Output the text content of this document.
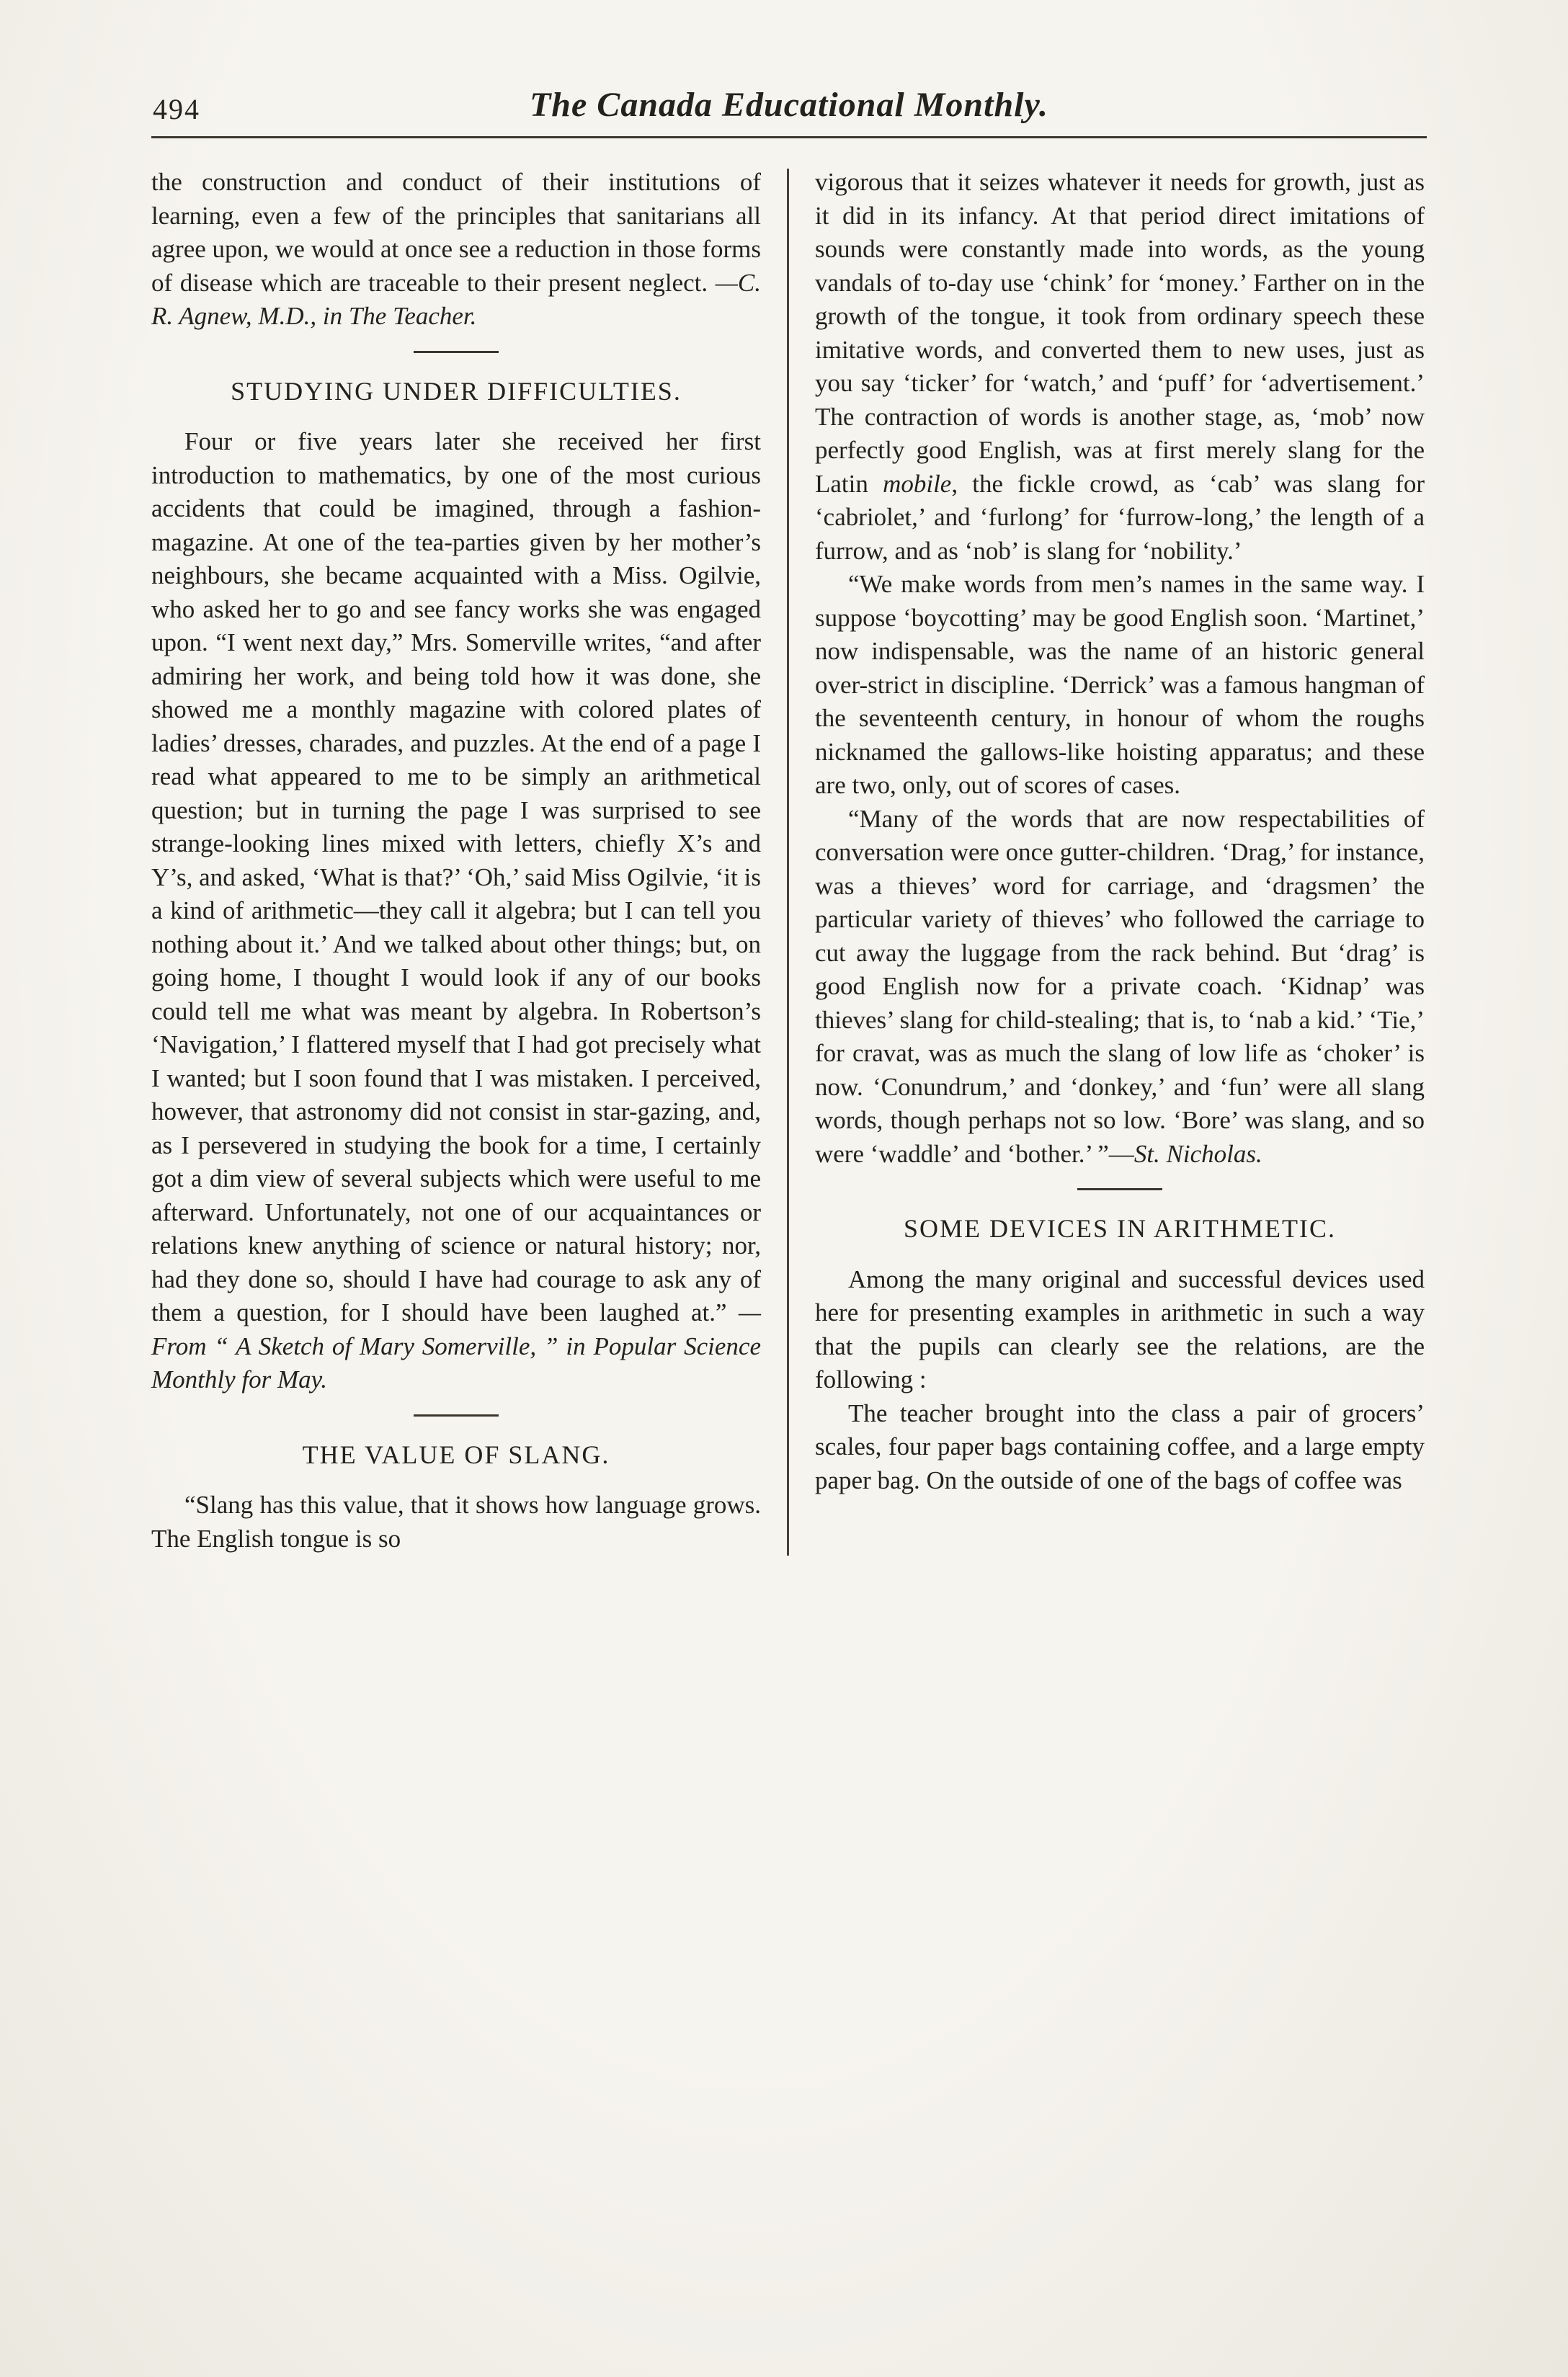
494	The Canada Educational Monthly.

the construction and conduct of their institutions of learning, even a few of the principles that sanitarians all agree upon, we would at once see a reduction in those forms of disease which are traceable to their present neglect. —C. R. Agnew, M.D., in The Teacher.

STUDYING UNDER DIFFICULTIES.

Four or five years later she received her first introduction to mathematics, by one of the most curious accidents that could be imagined, through a fashion-magazine. At one of the tea-parties given by her mother’s neighbours, she became acquainted with a Miss. Ogilvie, who asked her to go and see fancy works she was engaged upon. “I went next day,” Mrs. Somerville writes, “and after admiring her work, and being told how it was done, she showed me a monthly magazine with colored plates of ladies’ dresses, charades, and puzzles. At the end of a page I read what appeared to me to be simply an arithmetical question; but in turning the page I was surprised to see strange-looking lines mixed with letters, chiefly X’s and Y’s, and asked, ‘What is that?’ ‘Oh,’ said Miss Ogilvie, ‘it is a kind of arithmetic—they call it algebra; but I can tell you nothing about it.’ And we talked about other things; but, on going home, I thought I would look if any of our books could tell me what was meant by algebra. In Robertson’s ‘Navigation,’ I flattered myself that I had got precisely what I wanted; but I soon found that I was mistaken. I perceived, however, that astronomy did not consist in star-gazing, and, as I persevered in studying the book for a time, I certainly got a dim view of several subjects which were useful to me afterward. Unfortunately, not one of our acquaintances or relations knew anything of science or natural history; nor, had they done so, should I have had courage to ask any of them a question, for I should have been laughed at.” —From “ A Sketch of Mary Somerville, ” in Popular Science Monthly for May.

THE VALUE OF SLANG.

“Slang has this value, that it shows how language grows. The English tongue is so

vigorous that it seizes whatever it needs for growth, just as it did in its infancy. At that period direct imitations of sounds were constantly made into words, as the young vandals of to-day use ‘chink’ for ‘money.’ Farther on in the growth of the tongue, it took from ordinary speech these imitative words, and converted them to new uses, just as you say ‘ticker’ for ‘watch,’ and ‘puff’ for ‘advertisement.’ The contraction of words is another stage, as, ‘mob’ now perfectly good English, was at first merely slang for the Latin mobile, the fickle crowd, as ‘cab’ was slang for ‘cabriolet,’ and ‘furlong’ for ‘furrow-long,’ the length of a furrow, and as ‘nob’ is slang for ‘nobility.’

“We make words from men’s names in the same way. I suppose ‘boycotting’ may be good English soon. ‘Martinet,’ now indispensable, was the name of an historic general over-strict in discipline. ‘Derrick’ was a famous hangman of the seventeenth century, in honour of whom the roughs nicknamed the gallows-like hoisting apparatus; and these are two, only, out of scores of cases.

“Many of the words that are now respectabilities of conversation were once gutter-children. ‘Drag,’ for instance, was a thieves’ word for carriage, and ‘dragsmen’ the particular variety of thieves’ who followed the carriage to cut away the luggage from the rack behind. But ‘drag’ is good English now for a private coach. ‘Kidnap’ was thieves’ slang for child-stealing; that is, to ‘nab a kid.’ ‘Tie,’ for cravat, was as much the slang of low life as ‘choker’ is now. ‘Conundrum,’ and ‘donkey,’ and ‘fun’ were all slang words, though perhaps not so low. ‘Bore’ was slang, and so were ‘waddle’ and ‘bother.’ ”—St. Nicholas.

SOME DEVICES IN ARITHMETIC.

Among the many original and successful devices used here for presenting examples in arithmetic in such a way that the pupils can clearly see the relations, are the following :

The teacher brought into the class a pair of grocers’ scales, four paper bags containing coffee, and a large empty paper bag. On the outside of one of the bags of coffee was
